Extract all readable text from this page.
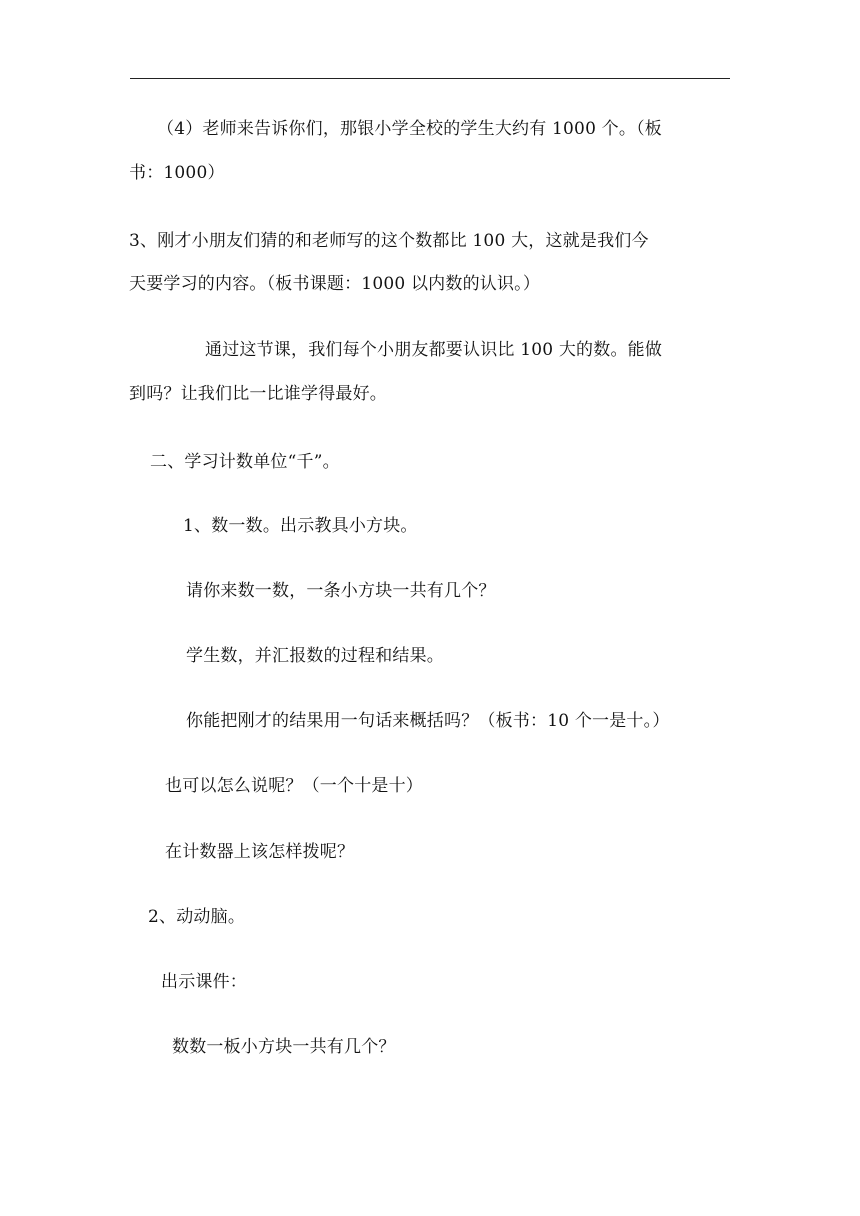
（4）老师来告诉你们，那银小学全校的学生大约有 1000 个。（板
书：1000）
3、刚才小朋友们猜的和老师写的这个数都比 100 大，这就是我们今
天要学习的内容。（板书课题：1000 以内数的认识。）
通过这节课，我们每个小朋友都要认识比 100 大的数。能做
到吗？让我们比一比谁学得最好。
二、学习计数单位“千”。
1、数一数。出示教具小方块。
请你来数一数，一条小方块一共有几个？
学生数，并汇报数的过程和结果。
你能把刚才的结果用一句话来概括吗？（板书：10 个一是十。）
也可以怎么说呢？（一个十是十）
在计数器上该怎样拨呢？
2、动动脑。
出示课件：
数数一板小方块一共有几个？
